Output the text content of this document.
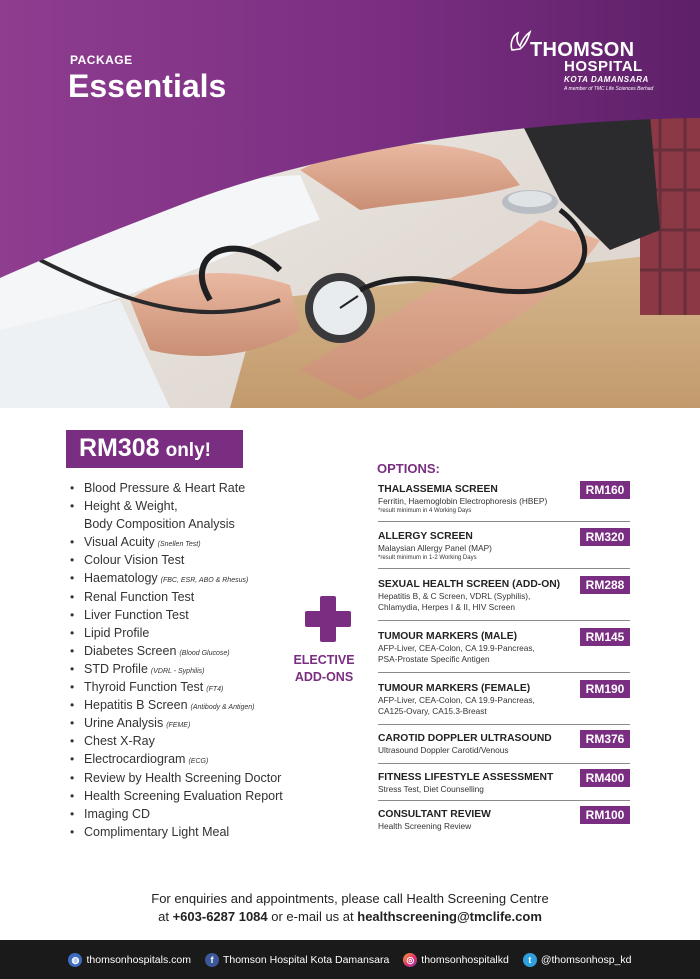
PACKAGE
Essentials
THOMSON
HOSPITAL
KOTA DAMANSARA
A member of TMC Life Sciences Berhad
RM308 only!
• Blood Pressure & Heart Rate
• Height & Weight,
Body Composition Analysis
• Visual Acuity (Snellen Test)
• Colour Vision Test
• Haematology (FBC, ESR, ABO & Rhesus)
• Renal Function Test
• Liver Function Test
• Lipid Profile
• Diabetes Screen (Blood Glucose)
• STD Profile (VDRL - Syphilis)
• Thyroid Function Test (FT4)
• Hepatitis B Screen (Antibody & Antigen)
• Urine Analysis (FEME)
• Chest X-Ray
• Electrocardiogram (ECG)
• Review by Health Screening Doctor
• Health Screening Evaluation Report
• Imaging CD
• Complimentary Light Meal
ELECTIVE
ADD-ONS
OPTIONS:
THALASSEMIA SCREEN
Ferritin, Haemoglobin Electrophoresis (HBEP)
*result minimum in 4 Working Days
RM160
ALLERGY SCREEN
Malaysian Allergy Panel (MAP)
*result minimum in 1-2 Working Days
RM320
SEXUAL HEALTH SCREEN (ADD-ON)
Hepatitis B, & C Screen, VDRL (Syphilis),
Chlamydia, Herpes I & II, HIV Screen
RM288
TUMOUR MARKERS (MALE)
AFP-Liver, CEA-Colon, CA 19.9-Pancreas,
PSA-Prostate Specific Antigen
RM145
TUMOUR MARKERS (FEMALE)
AFP-Liver, CEA-Colon, CA 19.9-Pancreas,
CA125-Ovary, CA15.3-Breast
RM190
CAROTID DOPPLER ULTRASOUND
Ultrasound Doppler Carotid/Venous
RM376
FITNESS LIFESTYLE ASSESSMENT
Stress Test, Diet Counselling
RM400
CONSULTANT REVIEW
Health Screening Review
RM100
For enquiries and appointments, please call Health Screening Centre
at +603-6287 1084 or e-mail us at healthscreening@tmclife.com
◍ thomsonhospitals.com	f Thomson Hospital Kota Damansara	◎ thomsonhospitalkd	t @thomsonhosp_kd
